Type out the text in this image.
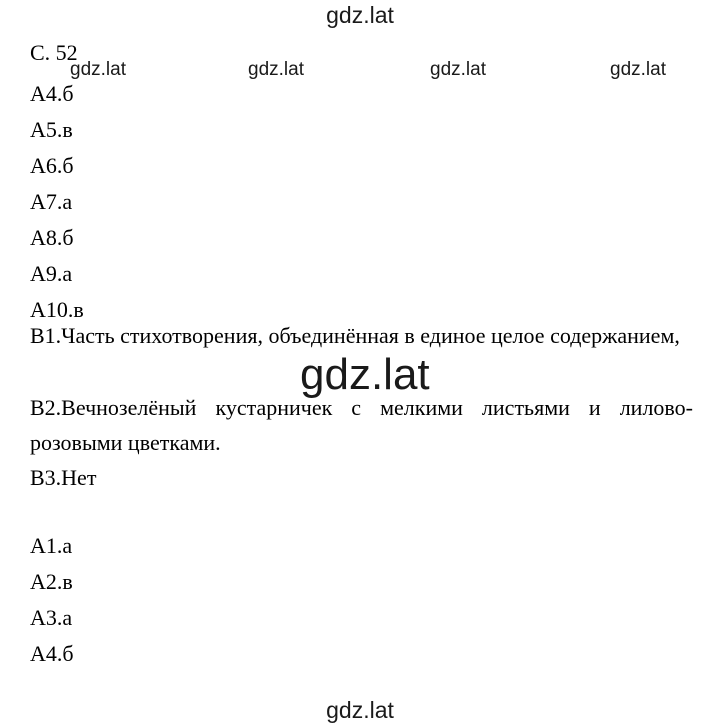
gdz.lat
С. 52
gdz.lat	gdz.lat	gdz.lat	gdz.lat
А4.б
А5.в
А6.б
А7.а
А8.б
А9.а
А10.в
В1.Часть стихотворения, объединённая в единое целое содержанием,
В2.Вечнозелёный кустарничек с мелкими листьями и лилово-розовыми цветками.
В3.Нет
gdz.lat
А1.а
А2.в
А3.а
А4.б
gdz.lat
